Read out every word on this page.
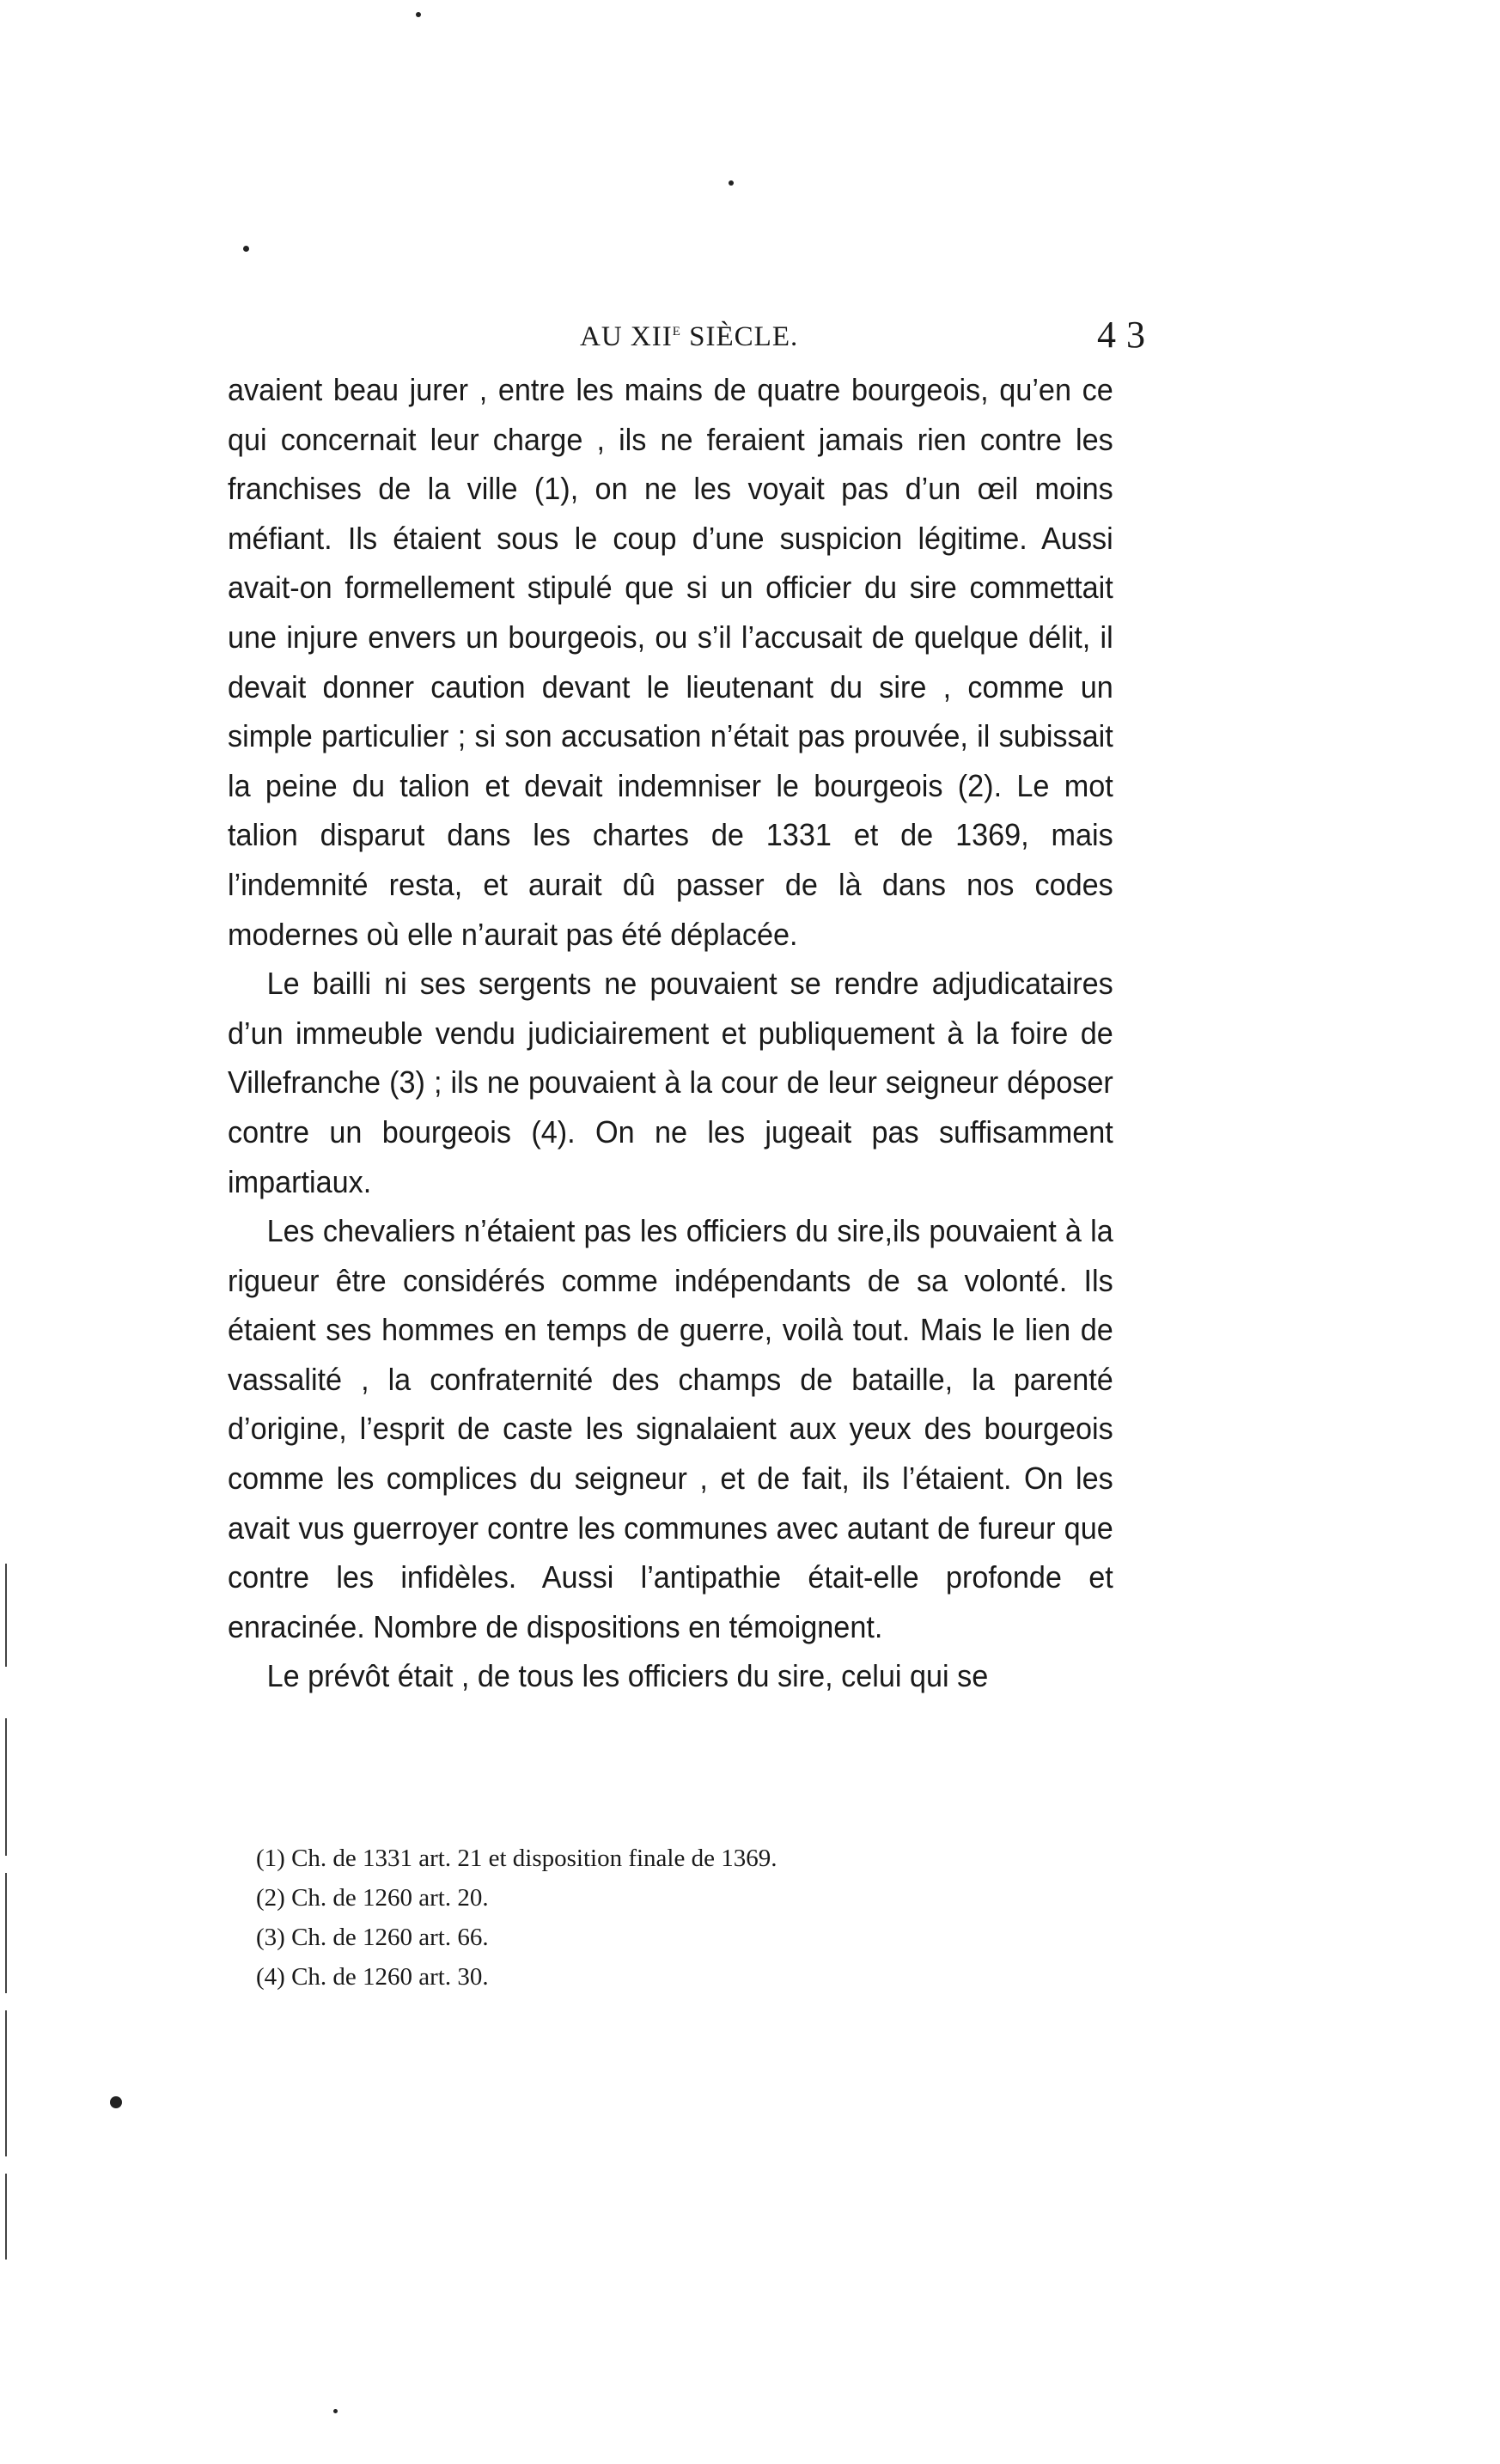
AU XIIe SIÈCLE.	43

avaient beau jurer , entre les mains de quatre bourgeois, qu’en ce qui concernait leur charge , ils ne feraient jamais rien contre les franchises de la ville (1), on ne les voyait pas d’un œil moins méfiant. Ils étaient sous le coup d’une suspicion légitime. Aussi avait-on formellement stipulé que si un officier du sire commettait une injure envers un bourgeois, ou s’il l’accusait de quelque délit, il devait donner caution devant le lieutenant du sire , comme un simple particulier ; si son accusation n’était pas prouvée, il subissait la peine du talion et devait indemniser le bourgeois (2). Le mot talion disparut dans les chartes de 1331 et de 1369, mais l’indemnité resta, et aurait dû passer de là dans nos codes modernes où elle n’aurait pas été déplacée.

Le bailli ni ses sergents ne pouvaient se rendre adjudicataires d’un immeuble vendu judiciairement et publiquement à la foire de Villefranche (3) ; ils ne pouvaient à la cour de leur seigneur déposer contre un bourgeois (4). On ne les jugeait pas suffisamment impartiaux.

Les chevaliers n’étaient pas les officiers du sire,ils pouvaient à la rigueur être considérés comme indépendants de sa volonté. Ils étaient ses hommes en temps de guerre, voilà tout. Mais le lien de vassalité , la confraternité des champs de bataille, la parenté d’origine, l’esprit de caste les signalaient aux yeux des bourgeois comme les complices du seigneur , et de fait, ils l’étaient. On les avait vus guerroyer contre les communes avec autant de fureur que contre les infidèles. Aussi l’antipathie était-elle profonde et enracinée. Nombre de dispositions en témoignent.

Le prévôt était , de tous les officiers du sire, celui qui se

(1) Ch. de 1331 art. 21 et disposition finale de 1369.
(2) Ch. de 1260 art. 20.
(3) Ch. de 1260 art. 66.
(4) Ch. de 1260 art. 30.
